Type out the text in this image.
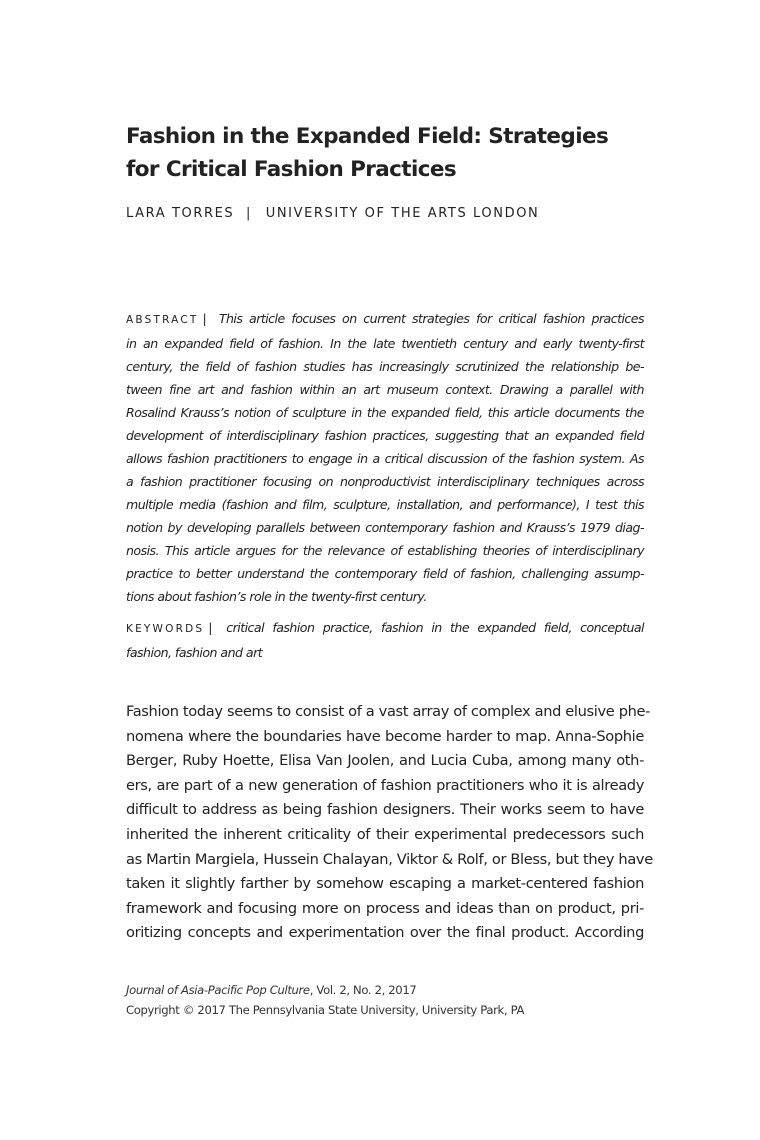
Fashion in the Expanded Field: Strategies
for Critical Fashion Practices
LARA TORRES | UNIVERSITY OF THE ARTS LONDON
ABSTRACT | This article focuses on current strategies for critical fashion practices
in an expanded field of fashion. In the late twentieth century and early twenty-first
century, the field of fashion studies has increasingly scrutinized the relationship be-
tween fine art and fashion within an art museum context. Drawing a parallel with
Rosalind Krauss’s notion of sculpture in the expanded field, this article documents the
development of interdisciplinary fashion practices, suggesting that an expanded field
allows fashion practitioners to engage in a critical discussion of the fashion system. As
a fashion practitioner focusing on nonproductivist interdisciplinary techniques across
multiple media (fashion and film, sculpture, installation, and performance), I test this
notion by developing parallels between contemporary fashion and Krauss’s 1979 diag-
nosis. This article argues for the relevance of establishing theories of interdisciplinary
practice to better understand the contemporary field of fashion, challenging assump-
tions about fashion’s role in the twenty-first century.
KEYWORDS | critical fashion practice, fashion in the expanded field, conceptual
fashion, fashion and art
Fashion today seems to consist of a vast array of complex and elusive phe-
nomena where the boundaries have become harder to map. Anna-Sophie
Berger, Ruby Hoette, Elisa Van Joolen, and Lucia Cuba, among many oth-
ers, are part of a new generation of fashion practitioners who it is already
difficult to address as being fashion designers. Their works seem to have
inherited the inherent criticality of their experimental predecessors such
as Martin Margiela, Hussein Chalayan, Viktor & Rolf, or Bless, but they have
taken it slightly farther by somehow escaping a market-centered fashion
framework and focusing more on process and ideas than on product, pri-
oritizing concepts and experimentation over the final product. According
Journal of Asia-Pacific Pop Culture, Vol. 2, No. 2, 2017
Copyright © 2017 The Pennsylvania State University, University Park, PA
